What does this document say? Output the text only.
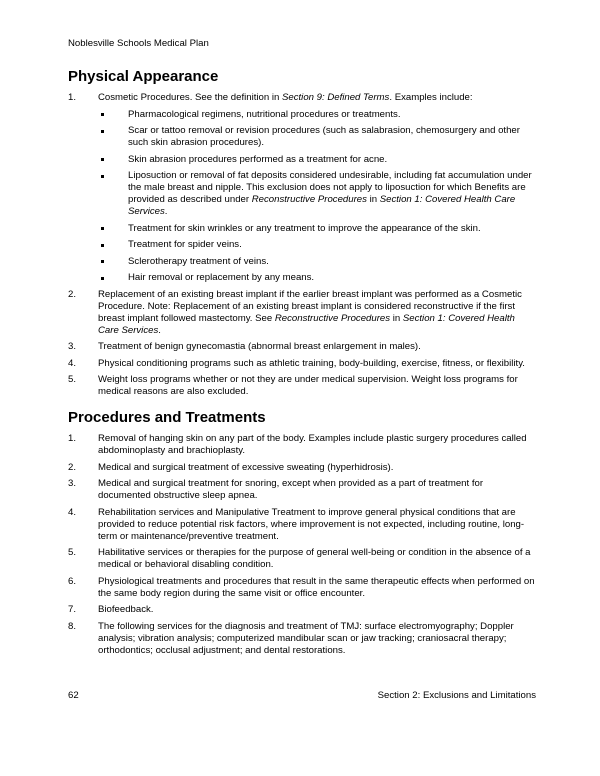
Noblesville Schools Medical Plan
Physical Appearance
1.	Cosmetic Procedures. See the definition in Section 9: Defined Terms. Examples include:
Pharmacological regimens, nutritional procedures or treatments.
Scar or tattoo removal or revision procedures (such as salabrasion, chemosurgery and other such skin abrasion procedures).
Skin abrasion procedures performed as a treatment for acne.
Liposuction or removal of fat deposits considered undesirable, including fat accumulation under the male breast and nipple. This exclusion does not apply to liposuction for which Benefits are provided as described under Reconstructive Procedures in Section 1: Covered Health Care Services.
Treatment for skin wrinkles or any treatment to improve the appearance of the skin.
Treatment for spider veins.
Sclerotherapy treatment of veins.
Hair removal or replacement by any means.
2.	Replacement of an existing breast implant if the earlier breast implant was performed as a Cosmetic Procedure. Note: Replacement of an existing breast implant is considered reconstructive if the first breast implant followed mastectomy. See Reconstructive Procedures in Section 1: Covered Health Care Services.
3.	Treatment of benign gynecomastia (abnormal breast enlargement in males).
4.	Physical conditioning programs such as athletic training, body-building, exercise, fitness, or flexibility.
5.	Weight loss programs whether or not they are under medical supervision. Weight loss programs for medical reasons are also excluded.
Procedures and Treatments
1.	Removal of hanging skin on any part of the body. Examples include plastic surgery procedures called abdominoplasty and brachioplasty.
2.	Medical and surgical treatment of excessive sweating (hyperhidrosis).
3.	Medical and surgical treatment for snoring, except when provided as a part of treatment for documented obstructive sleep apnea.
4.	Rehabilitation services and Manipulative Treatment to improve general physical conditions that are provided to reduce potential risk factors, where improvement is not expected, including routine, long-term or maintenance/preventive treatment.
5.	Habilitative services or therapies for the purpose of general well-being or condition in the absence of a medical or behavioral disabling condition.
6.	Physiological treatments and procedures that result in the same therapeutic effects when performed on the same body region during the same visit or office encounter.
7.	Biofeedback.
8.	The following services for the diagnosis and treatment of TMJ: surface electromyography; Doppler analysis; vibration analysis; computerized mandibular scan or jaw tracking; craniosacral therapy; orthodontics; occlusal adjustment; and dental restorations.
62	Section 2: Exclusions and Limitations
